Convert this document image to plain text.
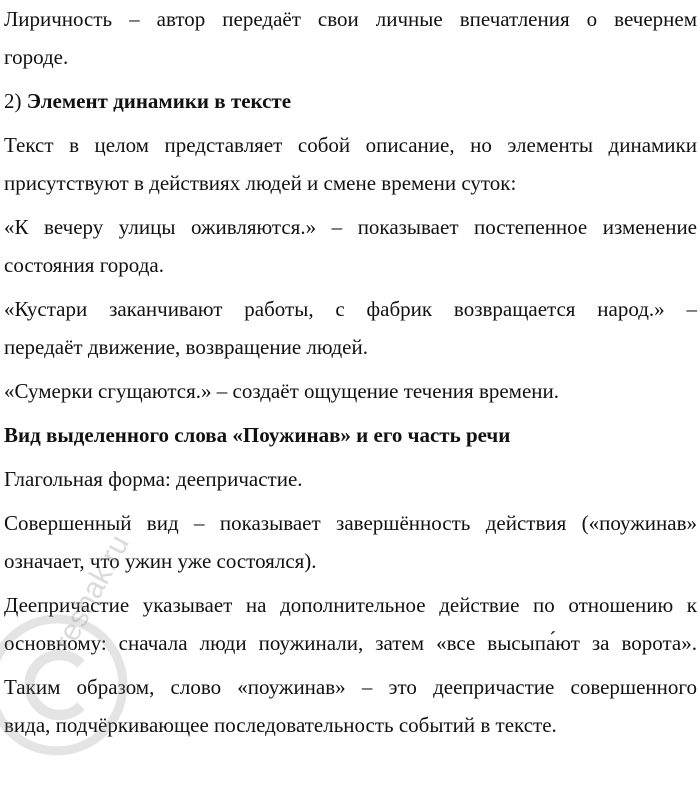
Лиричность – автор передаёт свои личные впечатления о вечернем
городе.
2) Элемент динамики в тексте
Текст в целом представляет собой описание, но элементы динамики
присутствуют в действиях людей и смене времени суток:
«К вечеру улицы оживляются.» – показывает постепенное изменение
состояния города.
«Кустари заканчивают работы, с фабрик возвращается народ.» –
передаёт движение, возвращение людей.
«Сумерки сгущаются.» – создаёт ощущение течения времени.
Вид выделенного слова «Поужинав» и его часть речи
Глагольная форма: деепричастие.
Совершенный вид – показывает завершённость действия («поужинав»
означает, что ужин уже состоялся).
Деепричастие указывает на дополнительное действие по отношению к
основному: сначала люди поужинали, затем «все высыпа́ют за ворота».
Таким образом, слово «поужинав» – это деепричастие совершенного
вида, подчёркивающее последовательность событий в тексте.
reshak.ru
